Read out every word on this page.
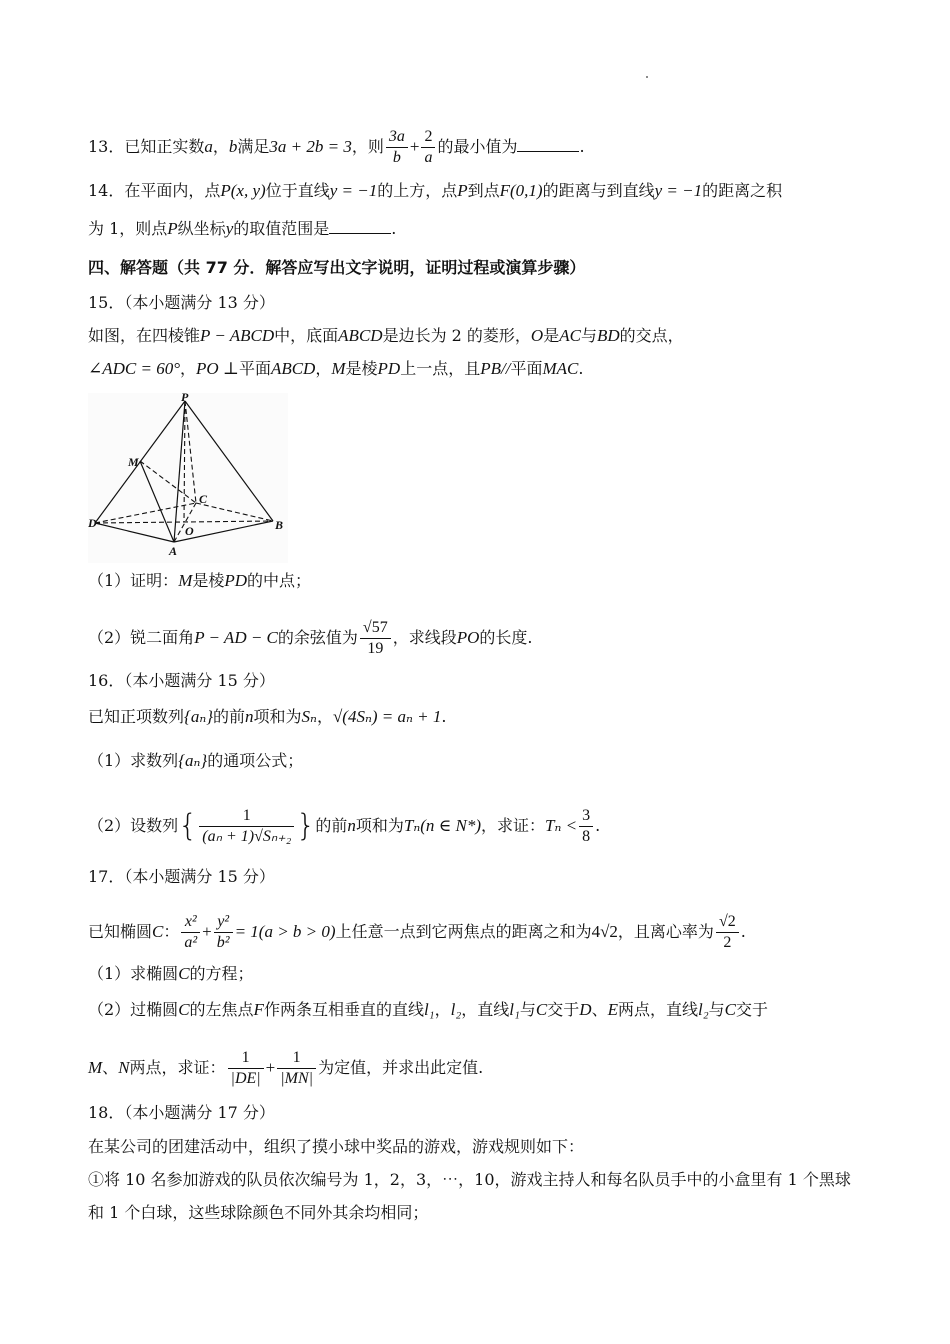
13．已知正实数a，b满足3a + 2b = 3，则 $\frac{3a}{b} + \frac{2}{a}$ 的最小值为	.
14．在平面内，点P(x, y)位于直线y = −1的上方，点P到点F(0,1)的距离与到直线y = −1的距离之积
为 1，则点P纵坐标y的取值范围是	.
四、解答题（共 77 分．解答应写出文字说明，证明过程或演算步骤）
15．（本小题满分 13 分）
如图，在四棱锥P − ABCD中，底面ABCD是边长为 2 的菱形，O是AC与BD的交点，
∠ADC = 60°，PO ⊥平面ABCD，M是棱PD上一点，且PB//平面MAC.
P
M
C
D
O
A
B
（1）证明：M是棱PD的中点；
（2）锐二面角P − AD − C的余弦值为 $\frac{√57}{19}$ ，求线段PO的长度.
16．（本小题满分 15 分）
已知正项数列{aₙ}的前n项和为Sₙ，√(4Sₙ) = aₙ + 1.
（1）求数列{aₙ}的通项公式；
（2）设数列{ $\frac{1}{\text{(aₙ + 1)√Sₙ₊₂}}$ }的前n项和为Tₙ(n ∈ N*)，求证：$T_n < \frac{3}{8}$ .
17．（本小题满分 15 分）
已知椭圆C： $\frac{\text{x²}}{\text{a²}} + \frac{\text{y²}}{\text{b²}} = 1(a > b > 0)$上任意一点到它两焦点的距离之和为4√2，且离心率为 $\frac{√2}{2}$ .
（1）求椭圆C的方程；
（2）过椭圆C的左焦点F作两条互相垂直的直线l₁，l₂，直线l₁与C交于D、E两点，直线l₂与C交于
M、N两点，求证： $\frac{1}{|DE|} + \frac{1}{|MN|}$ 为定值，并求出此定值.
18．（本小题满分 17 分）
在某公司的团建活动中，组织了摸小球中奖品的游戏，游戏规则如下：
①将 10 名参加游戏的队员依次编号为 1，2，3，⋯，10，游戏主持人和每名队员手中的小盒里有 1 个黑球
和 1 个白球，这些球除颜色不同外其余均相同；
